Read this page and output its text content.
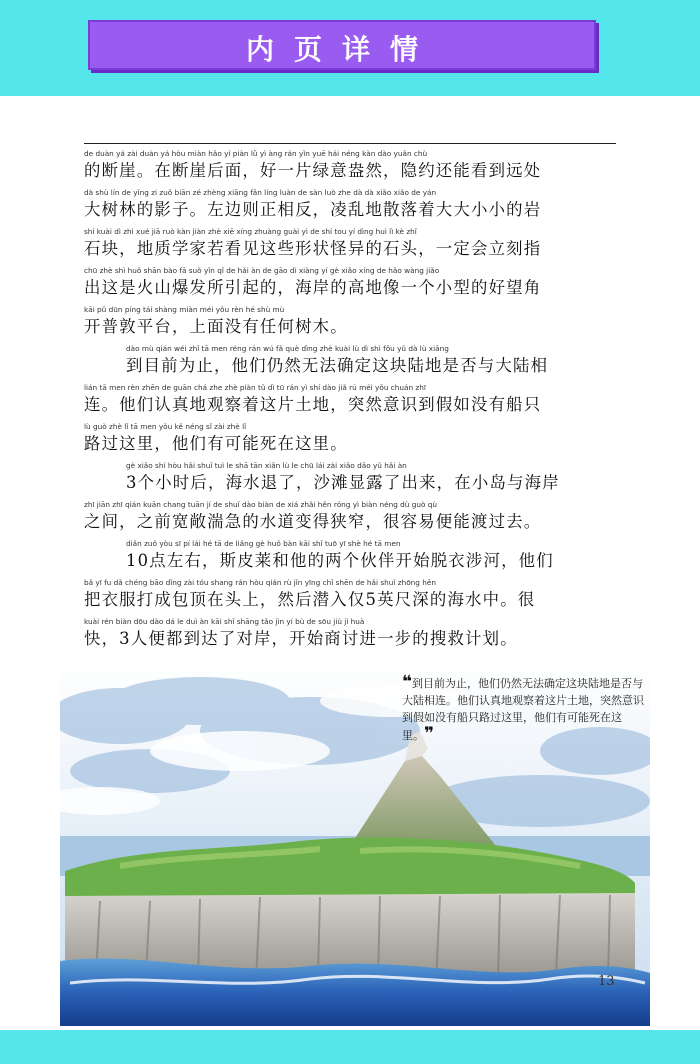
内页详情
de duàn yá zài duàn yá hòu miàn hǎo yí piàn lǜ yì àng rán yǐn yuē hái néng kàn dào yuǎn chù
的断崖。在断崖后面，好一片绿意盎然，隐约还能看到远处
dà shù lín de yǐng zi zuǒ biān zé zhèng xiāng fǎn líng luàn de sàn luò zhe dà dà xiǎo xiǎo de yán
大树林的影子。左边则正相反，凌乱地散落着大大小小的岩
shí kuài dì zhì xué jiā ruò kàn jiàn zhè xiē xíng zhuàng guài yì de shí tou yí dìng huì lì kè zhǐ
石块，地质学家若看见这些形状怪异的石头，一定会立刻指
chū zhè shì huǒ shān bào fā suǒ yǐn qǐ de hǎi àn de gāo dì xiàng yí gè xiǎo xíng de hǎo wàng jiǎo
出这是火山爆发所引起的，海岸的高地像一个小型的好望角
kāi pǔ dūn píng tái shàng miàn méi yǒu rèn hé shù mù
开普敦平台，上面没有任何树木。
dào mù qián wéi zhǐ tā men réng rán wú fǎ què dìng zhè kuài lù dì shì fǒu yǔ dà lù xiāng
到目前为止，他们仍然无法确定这块陆地是否与大陆相
lián tā men rèn zhēn de guān chá zhe zhè piàn tǔ dì tū rán yì shí dào jiǎ rú méi yǒu chuán zhī
连。他们认真地观察着这片土地，突然意识到假如没有船只
lù guò zhè lǐ tā men yǒu kě néng sǐ zài zhè lǐ
路过这里，他们有可能死在这里。
gè xiǎo shí hòu hǎi shuǐ tuì le shā tān xiǎn lù le chū lái zài xiǎo dǎo yǔ hǎi àn
3个小时后，海水退了，沙滩显露了出来，在小岛与海岸
zhī jiān zhī qián kuān chang tuān jí de shuǐ dào biàn de xiá zhǎi hěn róng yì biàn néng dù guò qù
之间，之前宽敞湍急的水道变得狭窄，很容易便能渡过去。
diǎn zuǒ yòu sī pí lái hé tā de liǎng gè huǒ bàn kāi shǐ tuō yī shè hé tā men
10点左右，斯皮莱和他的两个伙伴开始脱衣涉河，他们
bǎ yī fu dǎ chéng bāo dǐng zài tóu shang rán hòu qián rù jǐn yīng chǐ shēn de hǎi shuǐ zhōng hěn
把衣服打成包顶在头上，然后潜入仅5英尺深的海水中。很
kuài rén biàn dōu dào dá le duì àn kāi shǐ shāng tǎo jìn yí bù de sōu jiù jì huà
快，3人便都到达了对岸，开始商讨进一步的搜救计划。
❝到目前为止，他们仍然无法确定这块陆地是否与大陆相连。他们认真地观察着这片土地，突然意识到假如没有船只路过这里，他们有可能死在这里。❞
13
